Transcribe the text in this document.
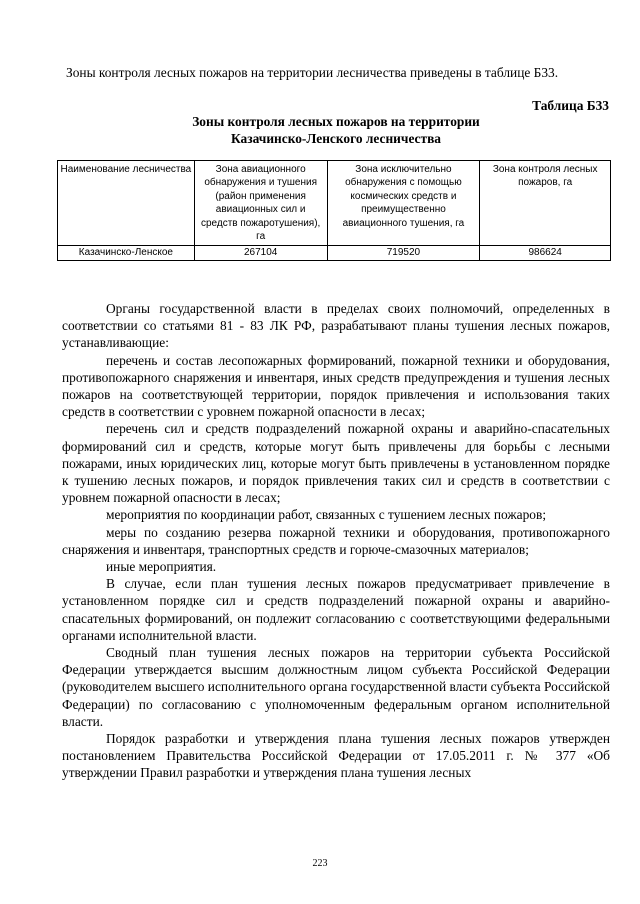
Зоны контроля лесных пожаров на территории лесничества приведены в таблице Б33.

Таблица Б33
Зоны контроля лесных пожаров на территории
Казачинско-Ленского лесничества
Наименование лесничества	Зона авиационного обнаружения и тушения (район применения авиационных сил и средств пожаротушения), га	Зона исключительно обнаружения с помощью космических средств и преимущественно авиационного тушения, га	Зона контроля лесных пожаров, га
Казачинско-Ленское	267104	719520	986624

Органы государственной власти в пределах своих полномочий, определенных в соответствии со статьями 81 - 83 ЛК РФ, разрабатывают планы тушения лесных пожаров, устанавливающие:

перечень и состав лесопожарных формирований, пожарной техники и оборудования, противопожарного снаряжения и инвентаря, иных средств предупреждения и тушения лесных пожаров на соответствующей территории, порядок привлечения и использования таких средств в соответствии с уровнем пожарной опасности в лесах;

перечень сил и средств подразделений пожарной охраны и аварийно-спасательных формирований сил и средств, которые могут быть привлечены для борьбы с лесными пожарами, иных юридических лиц, которые могут быть привлечены в установленном порядке к тушению лесных пожаров, и порядок привлечения таких сил и средств в соответствии с уровнем пожарной опасности в лесах;

мероприятия по координации работ, связанных с тушением лесных пожаров;

меры по созданию резерва пожарной техники и оборудования, противопожарного снаряжения и инвентаря, транспортных средств и горюче-смазочных материалов;

иные мероприятия.

В случае, если план тушения лесных пожаров предусматривает привлечение в установленном порядке сил и средств подразделений пожарной охраны и аварийно-спасательных формирований, он подлежит согласованию с соответствующими федеральными органами исполнительной власти.

Сводный план тушения лесных пожаров на территории субъекта Российской Федерации утверждается высшим должностным лицом субъекта Российской Федерации (руководителем высшего исполнительного органа государственной власти субъекта Российской Федерации) по согласованию с уполномоченным федеральным органом исполнительной власти.

Порядок разработки и утверждения плана тушения лесных пожаров утвержден постановлением Правительства Российской Федерации от 17.05.2011 г. № 377 «Об утверждении Правил разработки и утверждения плана тушения лесных

223
